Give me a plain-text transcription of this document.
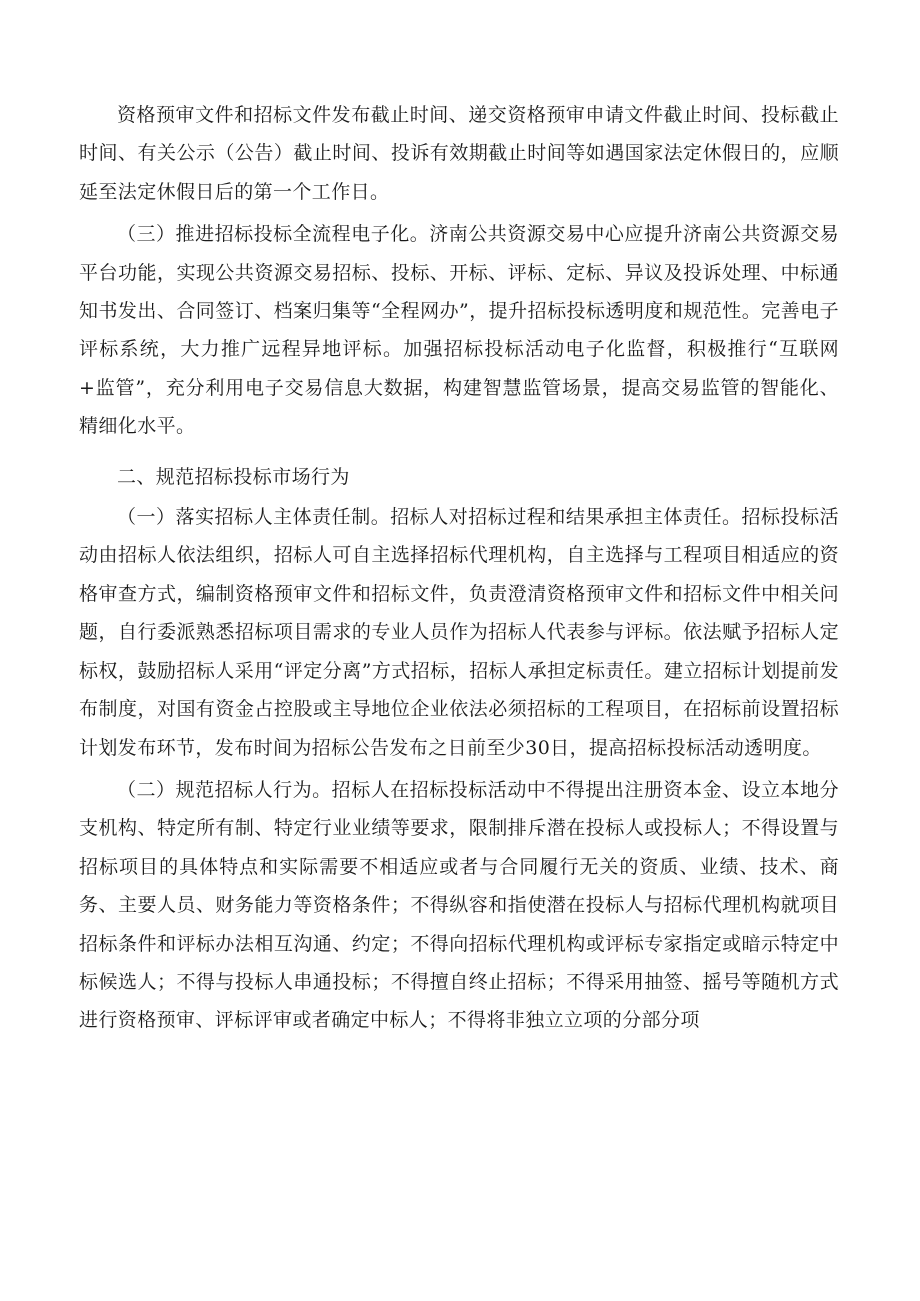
资格预审文件和招标文件发布截止时间、递交资格预审申请文件截止时间、投标截止时间、有关公示（公告）截止时间、投诉有效期截止时间等如遇国家法定休假日的，应顺延至法定休假日后的第一个工作日。

（三）推进招标投标全流程电子化。济南公共资源交易中心应提升济南公共资源交易平台功能，实现公共资源交易招标、投标、开标、评标、定标、异议及投诉处理、中标通知书发出、合同签订、档案归集等“全程网办”，提升招标投标透明度和规范性。完善电子评标系统，大力推广远程异地评标。加强招标投标活动电子化监督，积极推行“互联网+监管”，充分利用电子交易信息大数据，构建智慧监管场景，提高交易监管的智能化、精细化水平。

二、规范招标投标市场行为

（一）落实招标人主体责任制。招标人对招标过程和结果承担主体责任。招标投标活动由招标人依法组织，招标人可自主选择招标代理机构，自主选择与工程项目相适应的资格审查方式，编制资格预审文件和招标文件，负责澄清资格预审文件和招标文件中相关问题，自行委派熟悉招标项目需求的专业人员作为招标人代表参与评标。依法赋予招标人定标权，鼓励招标人采用“评定分离”方式招标，招标人承担定标责任。建立招标计划提前发布制度，对国有资金占控股或主导地位企业依法必须招标的工程项目，在招标前设置招标计划发布环节，发布时间为招标公告发布之日前至少30日，提高招标投标活动透明度。

（二）规范招标人行为。招标人在招标投标活动中不得提出注册资本金、设立本地分支机构、特定所有制、特定行业业绩等要求，限制排斥潜在投标人或投标人；不得设置与招标项目的具体特点和实际需要不相适应或者与合同履行无关的资质、业绩、技术、商务、主要人员、财务能力等资格条件；不得纵容和指使潜在投标人与招标代理机构就项目招标条件和评标办法相互沟通、约定；不得向招标代理机构或评标专家指定或暗示特定中标候选人；不得与投标人串通投标；不得擅自终止招标；不得采用抽签、摇号等随机方式进行资格预审、评标评审或者确定中标人；不得将非独立立项的分部分项
